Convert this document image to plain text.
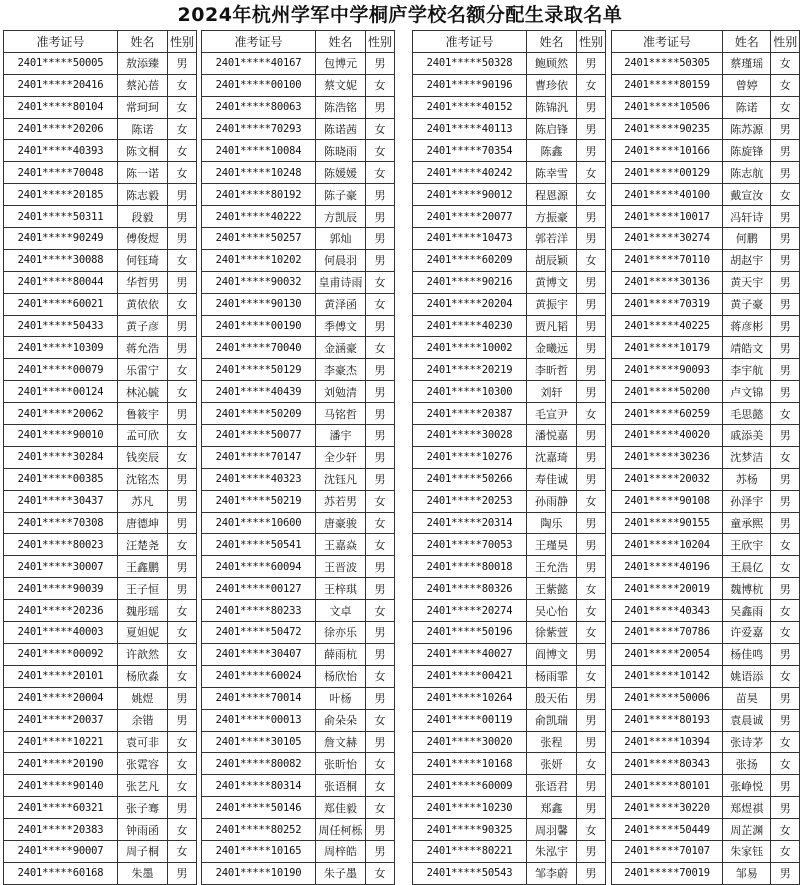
2024年杭州学军中学桐庐学校名额分配生录取名单
准考证号	姓名	性别
2401*****50005	敖添臻	男
2401*****20416	蔡沁蓓	女
2401*****80104	常珂珂	女
2401*****20206	陈诺	女
2401*****40393	陈文桐	女
2401*****70048	陈一诺	女
2401*****20185	陈志毅	男
2401*****50311	段毅	男
2401*****90249	傅俊煜	男
2401*****30088	何钰琦	女
2401*****80044	华哲男	男
2401*****60021	黄依依	女
2401*****50433	黄子彦	男
2401*****10309	蒋允浩	男
2401*****00079	乐雷宁	女
2401*****00124	林沁毓	女
2401*****20062	鲁筱宇	男
2401*****90010	孟可欣	女
2401*****30284	钱奕辰	女
2401*****00385	沈铭杰	男
2401*****30437	苏凡	男
2401*****70308	唐德坤	男
2401*****80023	汪楚尧	女
2401*****30007	王鑫鹏	男
2401*****90039	王子恒	男
2401*****20236	魏彤瑶	女
2401*****40003	夏妲妮	女
2401*****00092	许歆然	女
2401*****20101	杨欣淼	女
2401*****20004	姚煜	男
2401*****20037	余锴	男
2401*****10221	袁可非	女
2401*****20190	张霓容	女
2401*****90140	张艺凡	女
2401*****60321	张子骞	男
2401*****20383	钟雨函	女
2401*****90007	周子桐	女
2401*****60168	朱墨	男
准考证号	姓名	性别
2401*****40167	包博元	男
2401*****00100	蔡文妮	女
2401*****80063	陈浩铭	男
2401*****70293	陈诺茜	女
2401*****10084	陈晓雨	女
2401*****10248	陈媛媛	女
2401*****80192	陈子豪	男
2401*****40222	方凯辰	男
2401*****50257	郭灿	男
2401*****10202	何晨羽	男
2401*****90032	皇甫诗雨	女
2401*****90130	黄泽函	女
2401*****00190	季傅文	男
2401*****70040	金涵豪	女
2401*****50129	李豪杰	男
2401*****40439	刘勉清	男
2401*****50209	马铭哲	男
2401*****50077	潘宇	男
2401*****70147	全少轩	男
2401*****40323	沈钰凡	男
2401*****50219	苏若男	女
2401*****10600	唐豪骏	女
2401*****50541	王嘉焱	女
2401*****60094	王晋波	男
2401*****00127	王梓琪	男
2401*****80233	文卓	女
2401*****50472	徐亦乐	男
2401*****30407	薛雨杭	男
2401*****60024	杨欣怡	女
2401*****70014	叶杨	男
2401*****00013	俞朵朵	女
2401*****30105	詹文赫	男
2401*****80082	张昕怡	女
2401*****80314	张语桐	女
2401*****50146	郑佳毅	女
2401*****80252	周任柯栎	男
2401*****10165	周梓皓	男
2401*****10190	朱子墨	女
准考证号	姓名	性别
2401*****50328	鲍顾然	男
2401*****90196	曹珍依	女
2401*****40152	陈锦汎	男
2401*****40113	陈启锋	男
2401*****70354	陈鑫	男
2401*****40242	陈幸雪	女
2401*****90012	程恩源	女
2401*****20077	方振豪	男
2401*****10473	郭若洋	男
2401*****60209	胡辰颖	女
2401*****90216	黄博文	男
2401*****20204	黄振宇	男
2401*****40230	贾凡韬	男
2401*****10002	金曦远	男
2401*****20219	李昕哲	男
2401*****10300	刘轩	男
2401*****20387	毛宣尹	女
2401*****30028	潘悦嘉	男
2401*****10276	沈嘉琦	男
2401*****50266	寿佳诚	男
2401*****20253	孙雨静	女
2401*****20314	陶乐	男
2401*****70053	王瑾昊	男
2401*****80018	王允浩	男
2401*****80326	王紫懿	女
2401*****20274	吴心怡	女
2401*****50196	徐紫萱	女
2401*****40027	阎博文	男
2401*****00421	杨雨霏	女
2401*****10264	殷天佑	男
2401*****00119	俞凯瑞	男
2401*****30020	张程	男
2401*****10168	张妍	女
2401*****60009	张语君	男
2401*****10230	郑鑫	男
2401*****90325	周羽馨	女
2401*****80221	朱泓宇	男
2401*****50543	邹李蔚	男
准考证号	姓名	性别
2401*****50305	蔡瑾瑶	女
2401*****80159	曾婷	女
2401*****10506	陈诺	女
2401*****90235	陈苏源	男
2401*****10166	陈旋锋	男
2401*****00129	陈志航	男
2401*****40100	戴宣汝	女
2401*****10017	冯轩诗	男
2401*****30274	何鹏	男
2401*****70110	胡赵宇	男
2401*****30136	黄天宇	男
2401*****70319	黄子豪	男
2401*****40225	蒋彦彬	男
2401*****10179	靖皓文	男
2401*****90093	李宇航	男
2401*****50200	卢文锦	男
2401*****60259	毛思懿	女
2401*****40020	戚添美	男
2401*****30236	沈梦洁	女
2401*****20032	苏杨	男
2401*****90108	孙泽宇	男
2401*****90155	童承熙	男
2401*****10204	王欣宇	女
2401*****40196	王晨亿	女
2401*****20019	魏博杭	男
2401*****40343	吴鑫雨	女
2401*****70786	许爱嘉	女
2401*****20054	杨佳鸣	男
2401*****10142	姚语添	女
2401*****50006	苗昊	男
2401*****80193	袁晨诚	男
2401*****10394	张诗茅	女
2401*****80343	张扬	女
2401*****80101	张峥悦	男
2401*****30220	郑煜祺	男
2401*****50449	周芷渊	女
2401*****70107	朱家钰	女
2401*****70019	邹易	男
